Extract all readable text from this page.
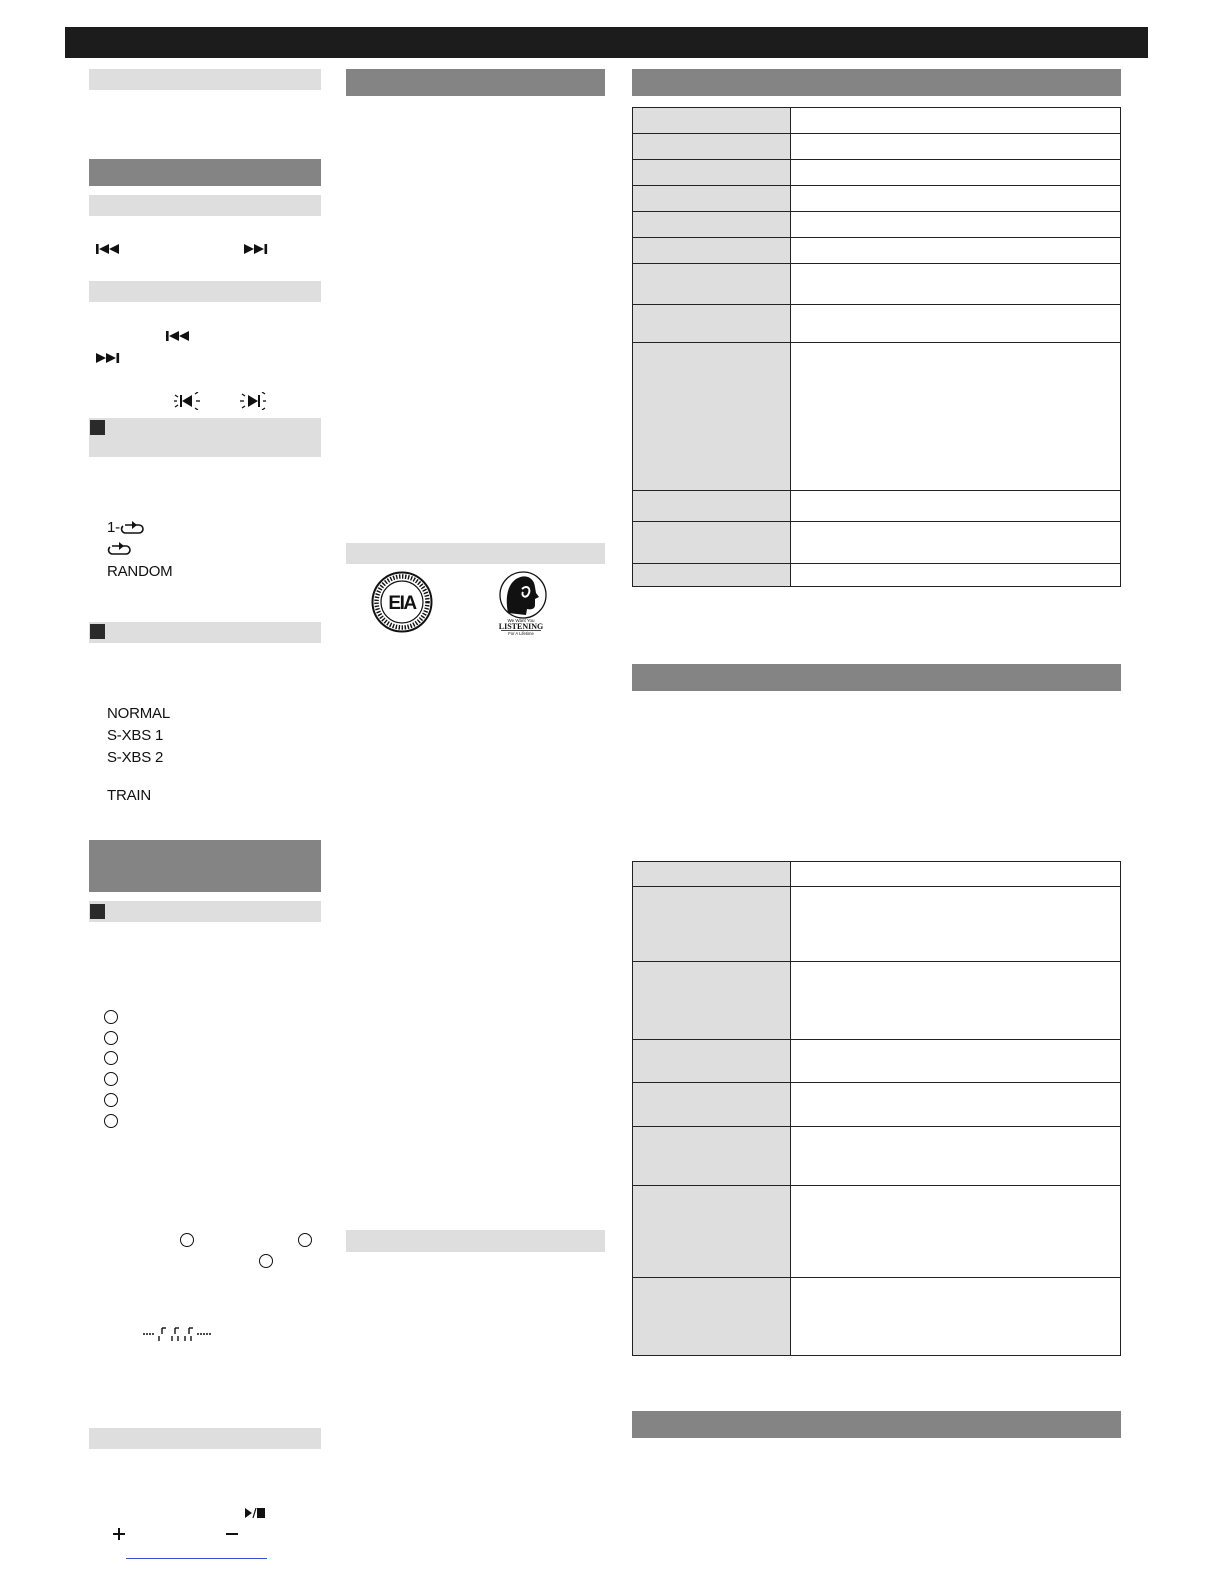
1-
RANDOM
NORMAL
S-XBS 1
S-XBS 2
TRAIN
EIA
We Want You
LISTENING
For A Lifetime
